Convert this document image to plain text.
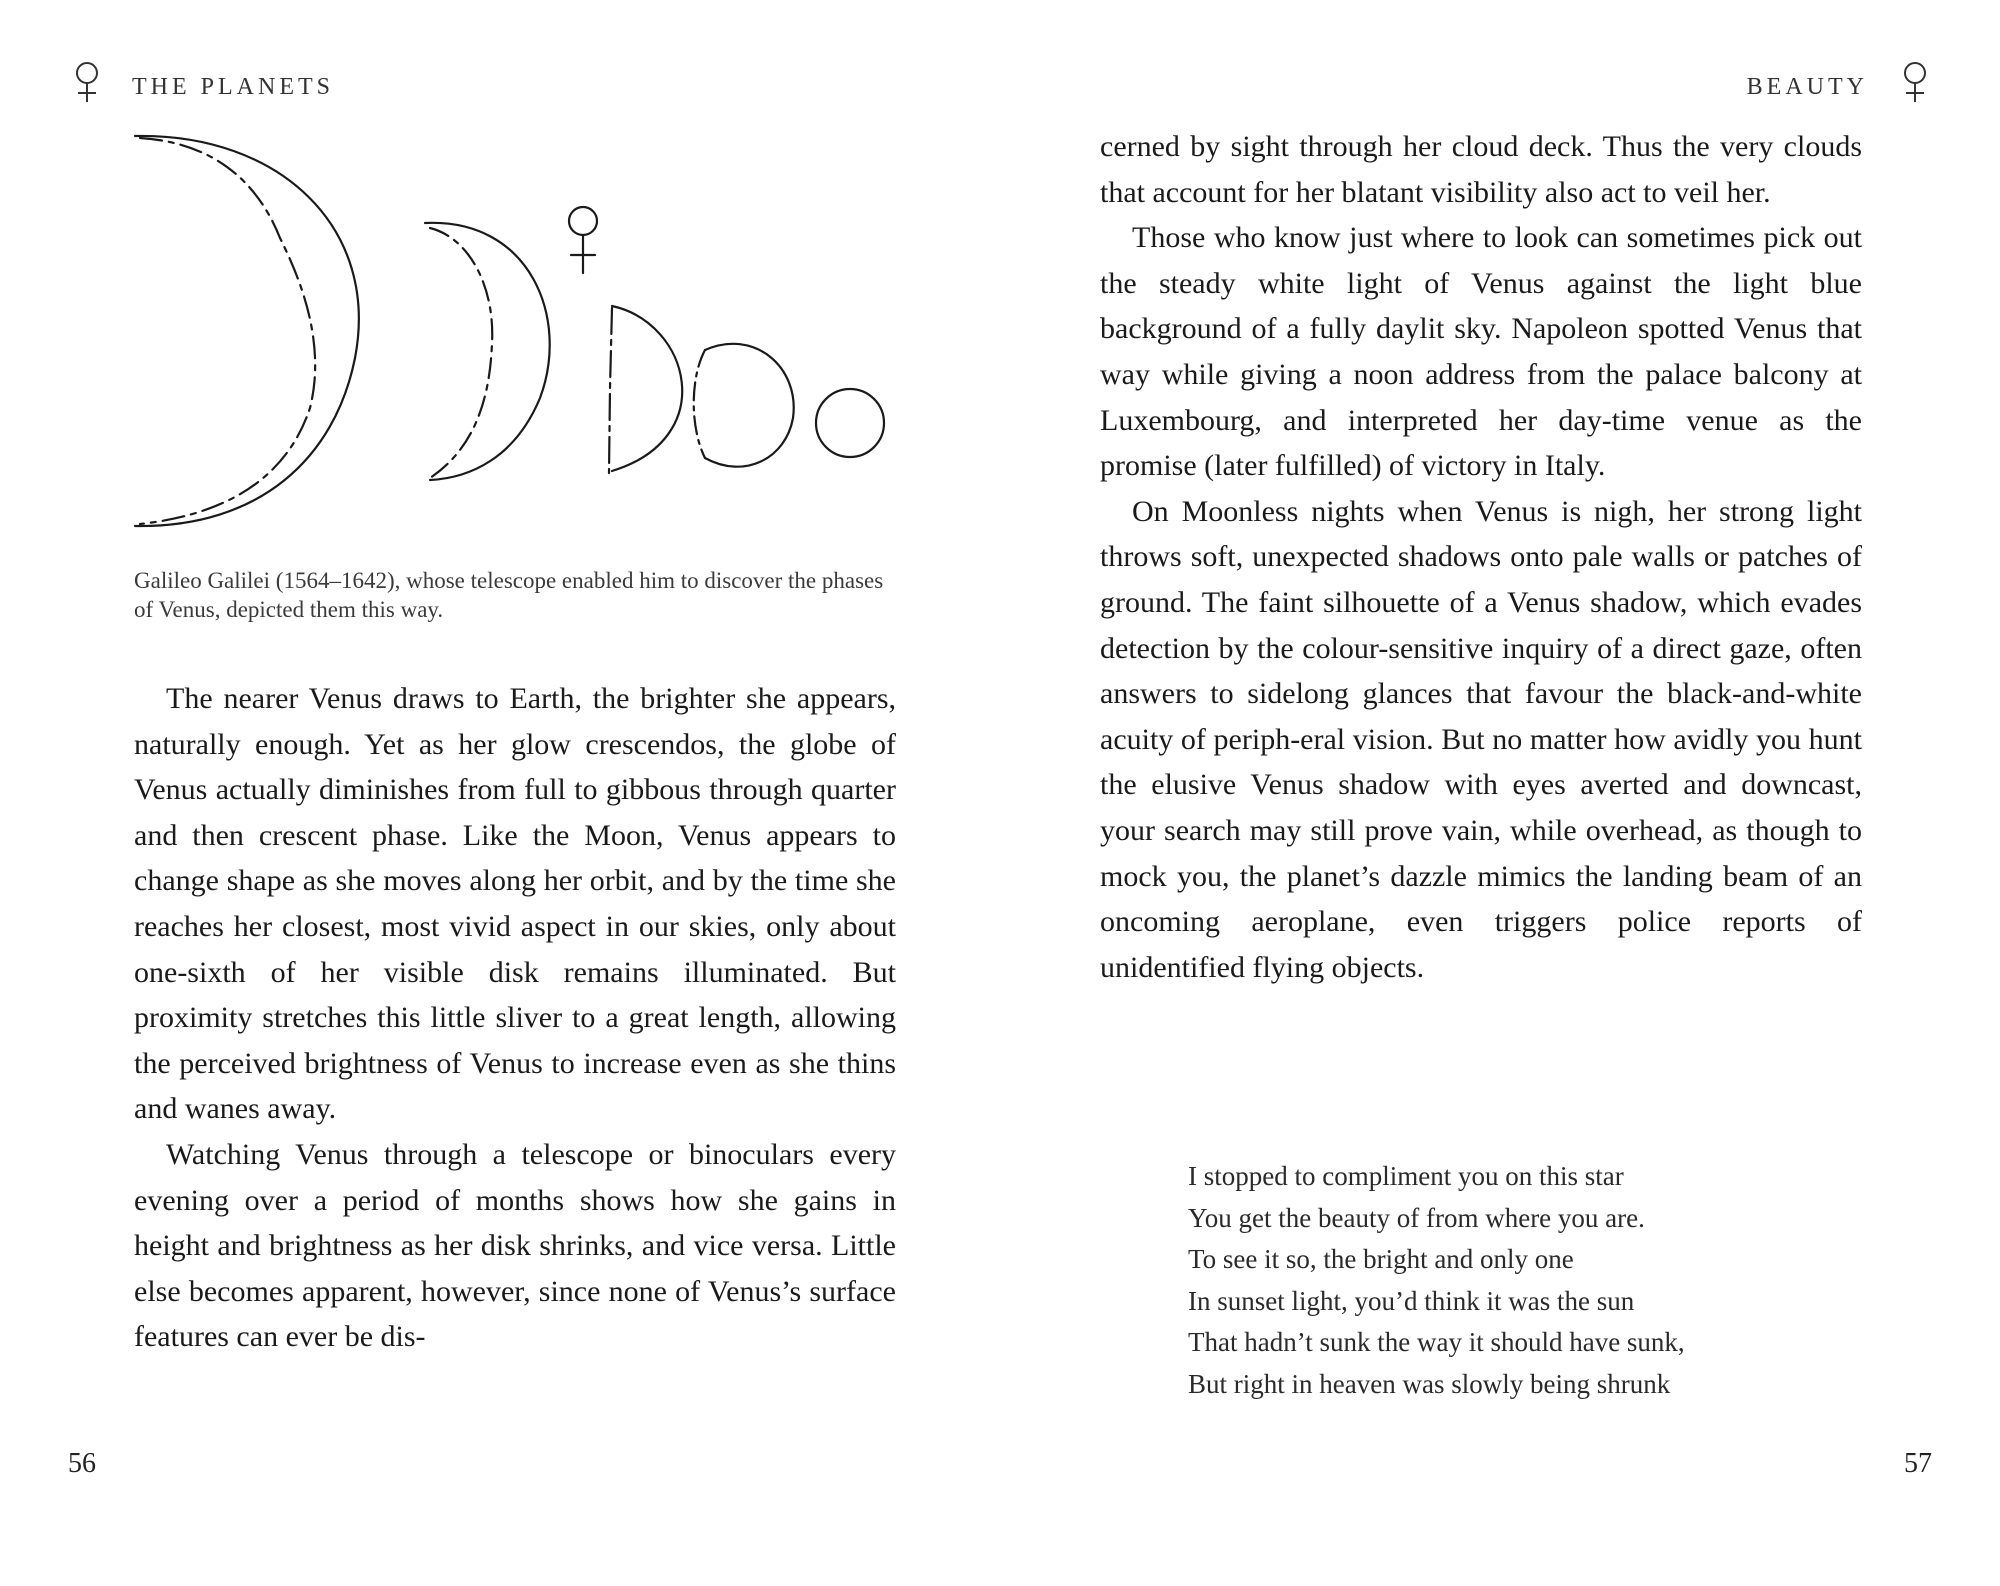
THE PLANETS
Galileo Galilei (1564–1642), whose telescope enabled him to discover the phases of Venus, depicted them this way.

The nearer Venus draws to Earth, the brighter she appears, naturally enough. Yet as her glow crescendos, the globe of Venus actually diminishes from full to gibbous through quarter and then crescent phase. Like the Moon, Venus appears to change shape as she moves along her orbit, and by the time she reaches her closest, most vivid aspect in our skies, only about one-sixth of her visible disk remains illuminated. But proximity stretches this little sliver to a great length, allowing the perceived brightness of Venus to increase even as she thins and wanes away.

Watching Venus through a telescope or binoculars every evening over a period of months shows how she gains in height and brightness as her disk shrinks, and vice versa. Little else becomes apparent, however, since none of Venus’s surface features can ever be dis-

56
BEAUTY

cerned by sight through her cloud deck. Thus the very clouds that account for her blatant visibility also act to veil her.

Those who know just where to look can sometimes pick out the steady white light of Venus against the light blue background of a fully daylit sky. Napoleon spotted Venus that way while giving a noon address from the palace balcony at Luxembourg, and interpreted her day-time venue as the promise (later fulfilled) of victory in Italy.

On Moonless nights when Venus is nigh, her strong light throws soft, unexpected shadows onto pale walls or patches of ground. The faint silhouette of a Venus shadow, which evades detection by the colour-sensitive inquiry of a direct gaze, often answers to sidelong glances that favour the black-and-white acuity of periph-eral vision. But no matter how avidly you hunt the elusive Venus shadow with eyes averted and downcast, your search may still prove vain, while overhead, as though to mock you, the planet’s dazzle mimics the landing beam of an oncoming aeroplane, even triggers police reports of unidentified flying objects.

I stopped to compliment you on this star
You get the beauty of from where you are.
To see it so, the bright and only one
In sunset light, you’d think it was the sun
That hadn’t sunk the way it should have sunk,
But right in heaven was slowly being shrunk
57
